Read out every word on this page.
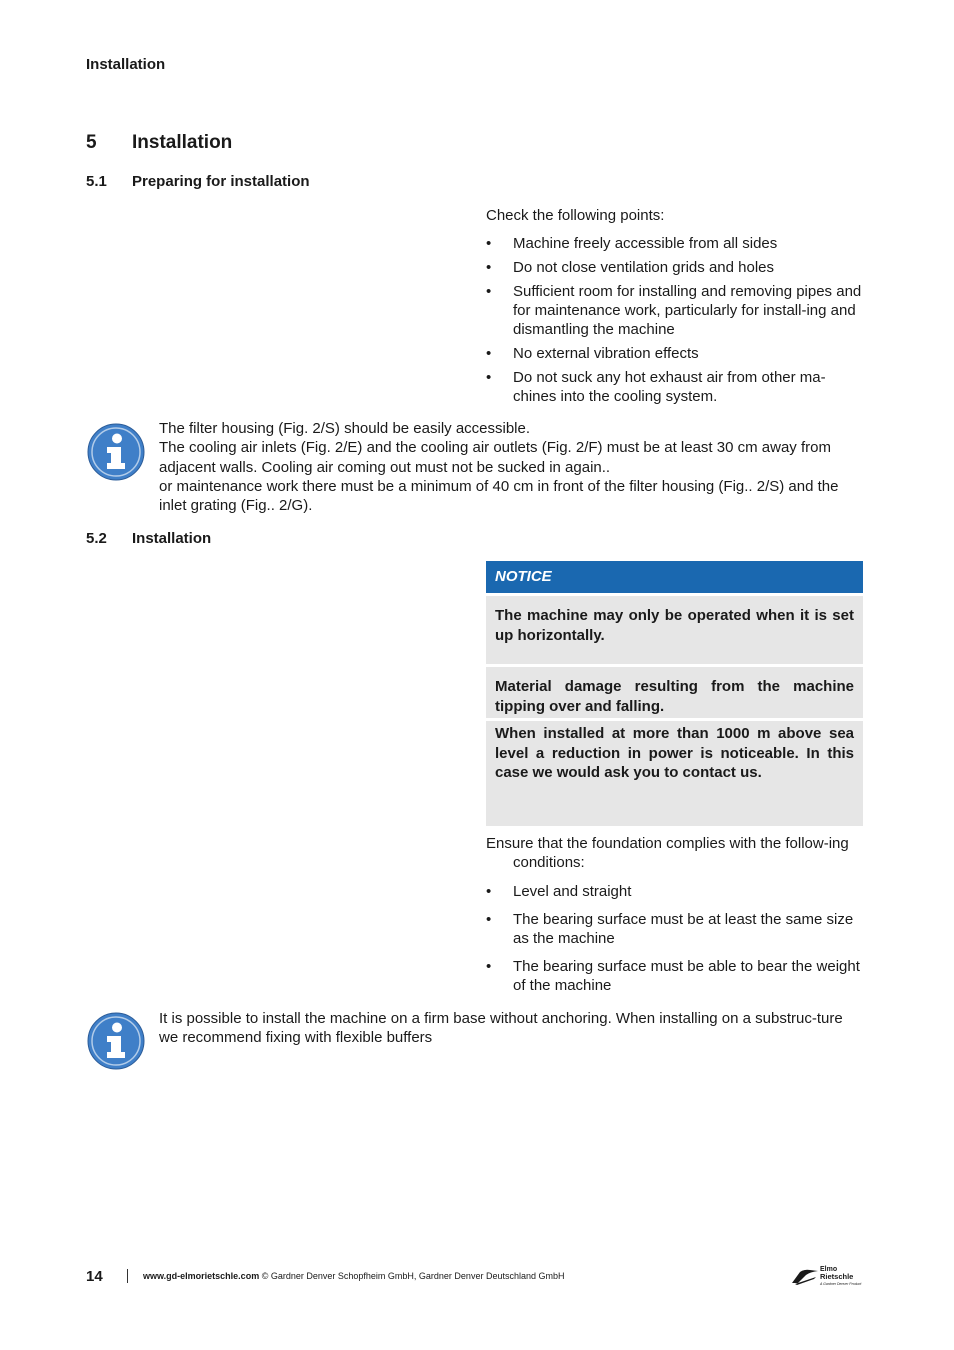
Installation
5 Installation
5.1 Preparing for installation
Check the following points:
• Machine freely accessible from all sides
• Do not close ventilation grids and holes
• Sufficient room for installing and removing pipes and for maintenance work, particularly for install-ing and dismantling the machine
• No external vibration effects
• Do not suck any hot exhaust air from other ma-chines into the cooling system.
The filter housing (Fig. 2/S) should be easily accessible.
The cooling air inlets (Fig. 2/E) and the cooling air outlets (Fig. 2/F) must be at least 30 cm away from adjacent walls. Cooling air coming out must not be sucked in again..
or maintenance work there must be a minimum of 40 cm in front of the filter housing (Fig.. 2/S) and the inlet grating (Fig.. 2/G).
5.2 Installation
NOTICE
The machine may only be operated when it is set up horizontally.
Material damage resulting from the machine tipping over and falling.
When installed at more than 1000 m above sea level a reduction in power is noticeable. In this case we would ask you to contact us.
Ensure that the foundation complies with the follow-ing conditions:
• Level and straight
• The bearing surface must be at least the same size as the machine
• The bearing surface must be able to bear the weight of the machine
It is possible to install the machine on a firm base without anchoring. When installing on a substruc-ture we recommend fixing with flexible buffers
14	www.gd-elmorietschle.com © Gardner Denver Schopfheim GmbH, Gardner Denver Deutschland GmbH
Elmo
Rietschle
A Gardner Denver Product
